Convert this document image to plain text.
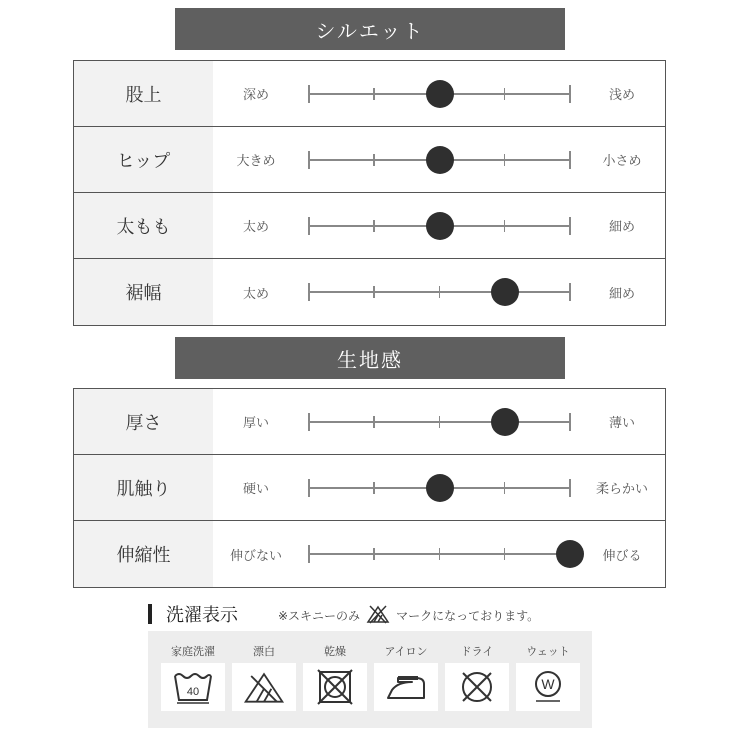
シルエット
股上	深め	浅め
ヒップ	大きめ	小さめ
太もも	太め	細め
裾幅	太め	細め
生地感
厚さ	厚い	薄い
肌触り	硬い	柔らかい
伸縮性	伸びない	伸びる
洗濯表示	※スキニーのみ	マークになっております。
家庭洗濯
40
漂白	乾燥	アイロン	ドライ	ウェット
W
